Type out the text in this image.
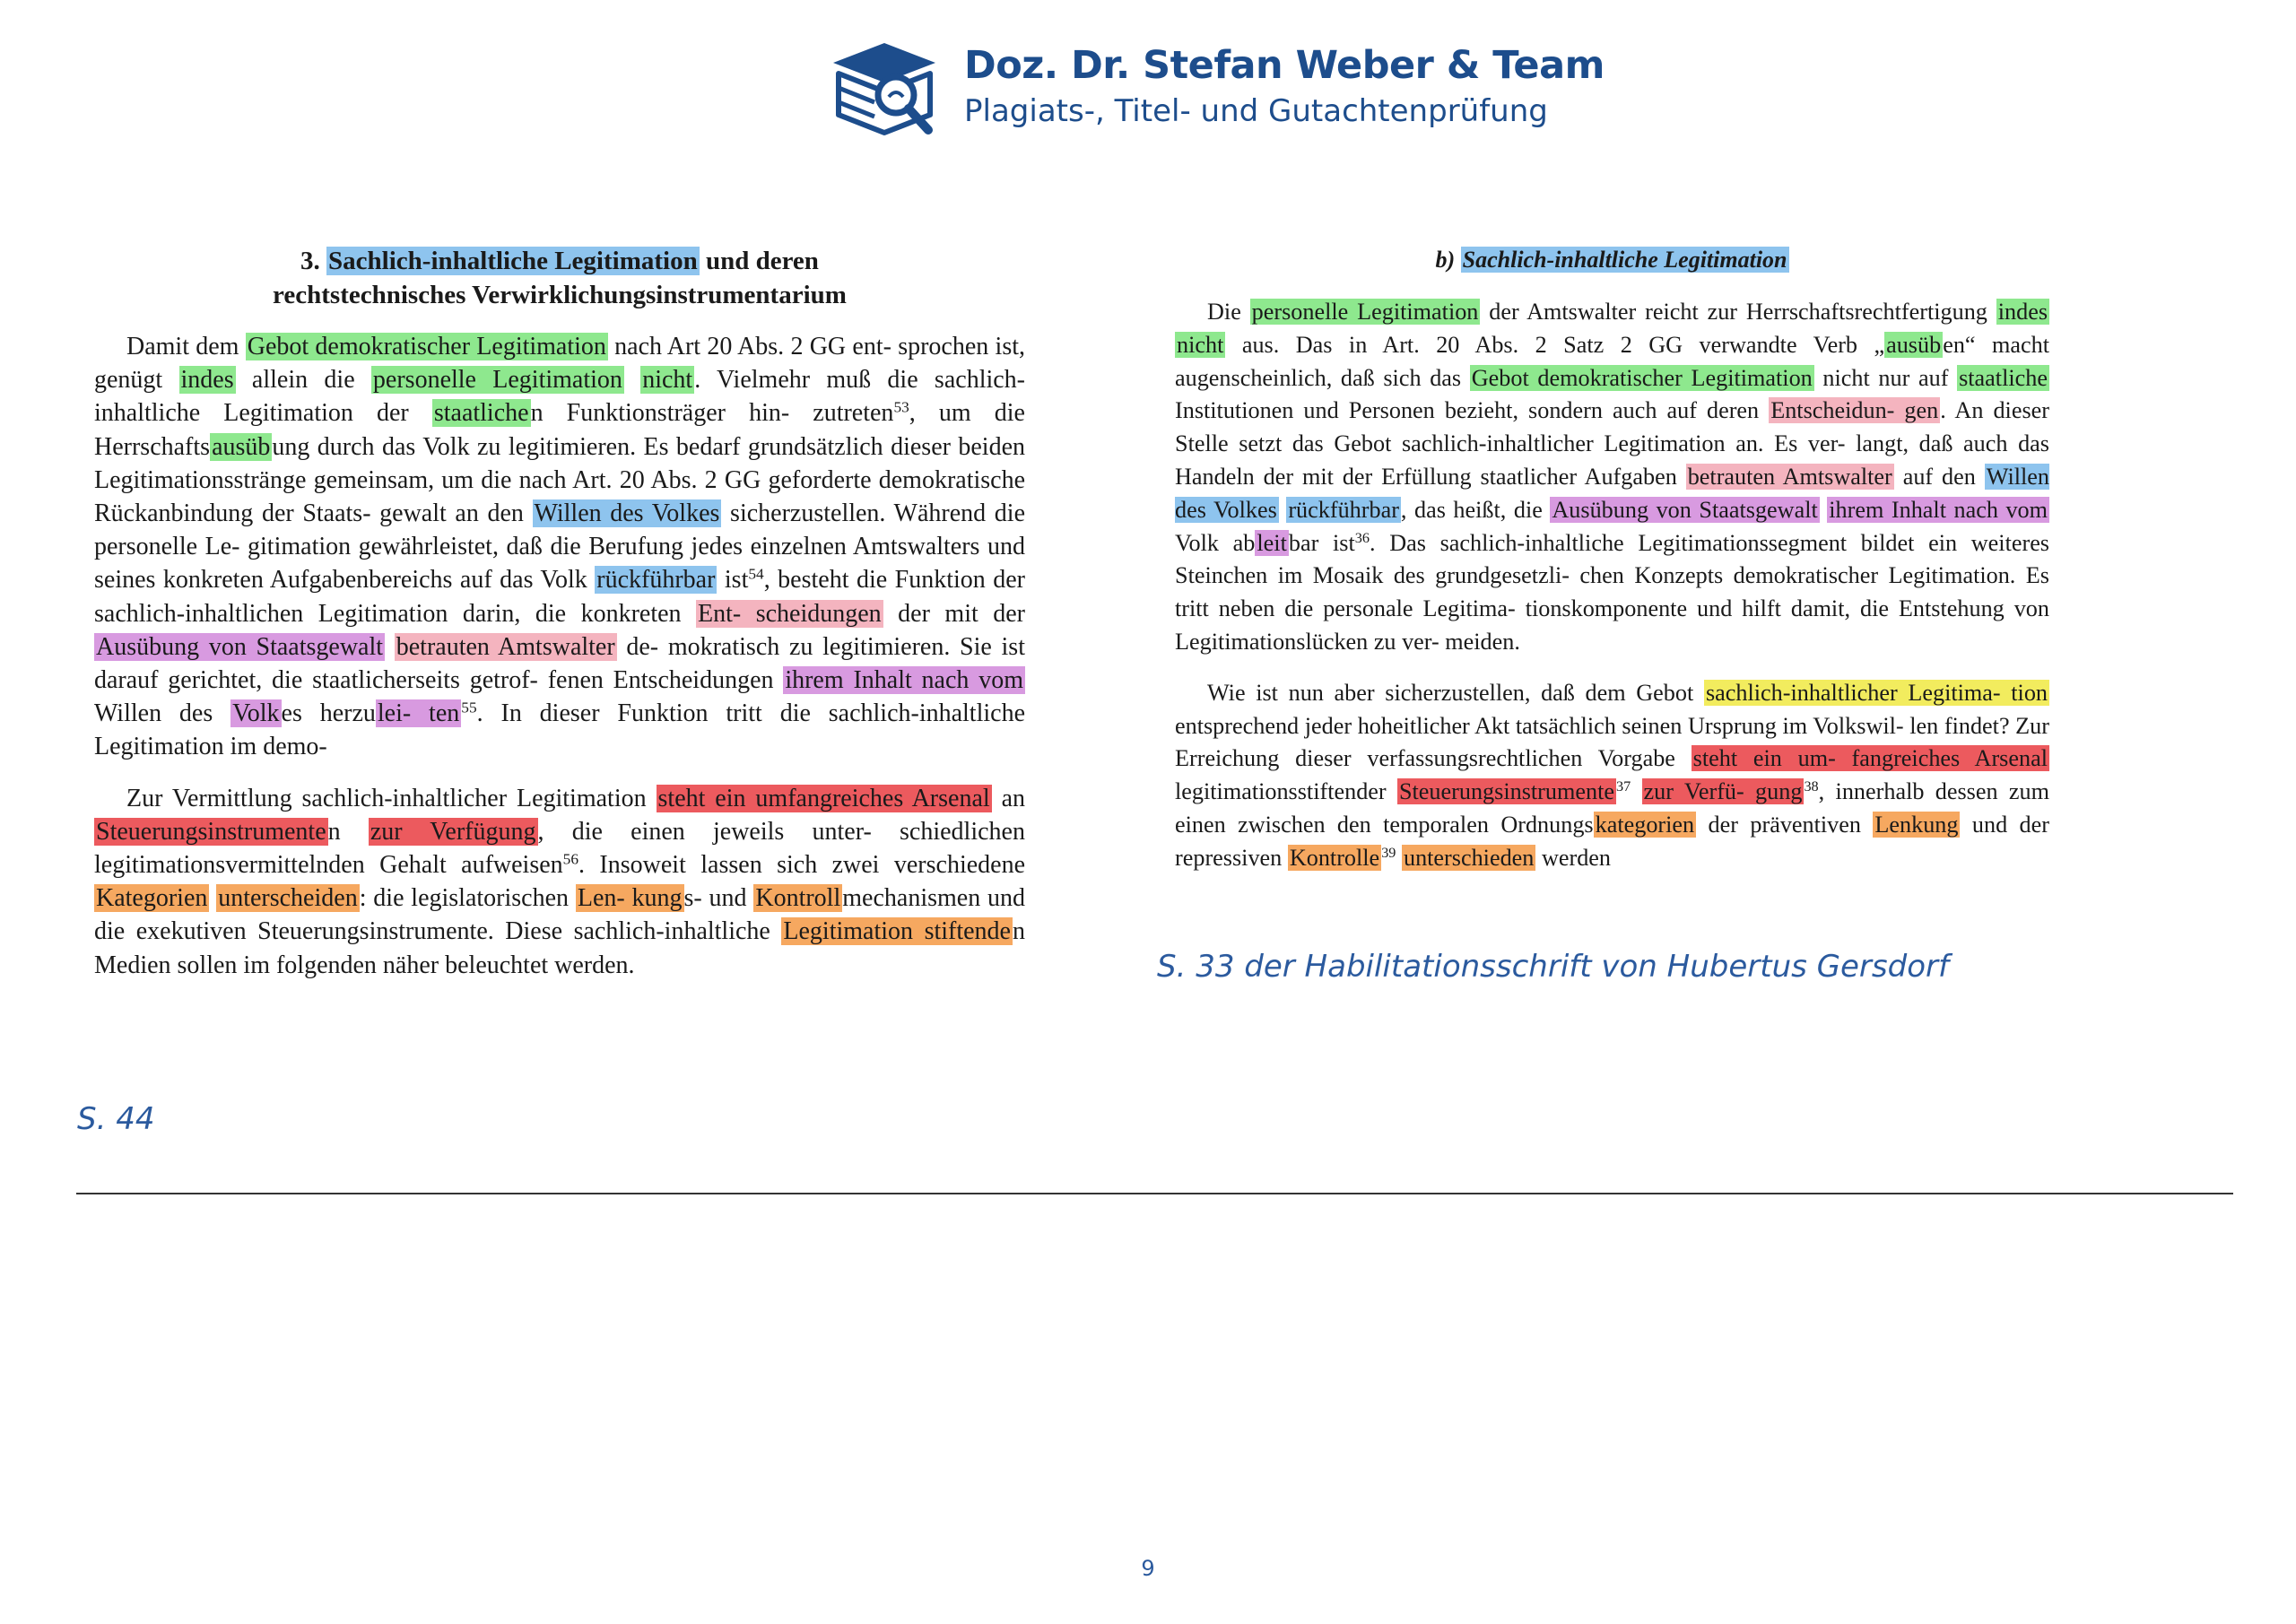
Doz. Dr. Stefan Weber & Team
Plagiats-, Titel- und Gutachtenprüfung

3. Sachlich-inhaltliche Legitimation und deren
rechtstechnisches Verwirklichungsinstrumentarium

Damit dem Gebot demokratischer Legitimation nach Art 20 Abs. 2 GG ent- sprochen ist, genügt indes allein die personelle Legitimation nicht. Vielmehr muß die sachlich-inhaltliche Legitimation der staatlichen Funktionsträger hin- zutreten$^{53}$, um die Herrschaftsausübung durch das Volk zu legitimieren. Es bedarf grundsätzlich dieser beiden Legitimationsstränge gemeinsam, um die nach Art. 20 Abs. 2 GG geforderte demokratische Rückanbindung der Staats- gewalt an den Willen des Volkes sicherzustellen. Während die personelle Le- gitimation gewährleistet, daß die Berufung jedes einzelnen Amtswalters und seines konkreten Aufgabenbereichs auf das Volk rückführbar ist$^{54}$, besteht die Funktion der sachlich-inhaltlichen Legitimation darin, die konkreten Ent- scheidungen der mit der Ausübung von Staatsgewalt betrauten Amtswalter de- mokratisch zu legitimieren. Sie ist darauf gerichtet, die staatlicherseits getrof- fenen Entscheidungen ihrem Inhalt nach vom Willen des Volkes herzulei- ten $^{55}$. In dieser Funktion tritt die sachlich-inhaltliche Legitimation im demo-

Zur Vermittlung sachlich-inhaltlicher Legitimation steht ein umfangreiches Arsenal an Steuerungsinstrumenten zur Verfügung, die einen jeweils unter- schiedlichen legitimationsvermittelnden Gehalt aufweisen$^{56}$. Insoweit lassen sich zwei verschiedene Kategorien unterscheiden: die legislatorischen Len- kungs- und Kontrollmechanismen und die exekutiven Steuerungsinstrumente. Diese sachlich-inhaltliche Legitimation stiftenden Medien sollen im folgenden näher beleuchtet werden.

b) Sachlich-inhaltliche Legitimation

Die personelle Legitimation der Amtswalter reicht zur Herrschaftsrechtfertigung indes nicht aus. Das in Art. 20 Abs. 2 Satz 2 GG verwandte Verb „ausüben“ macht augenscheinlich, daß sich das Gebot demokratischer Legitimation nicht nur auf staatliche Institutionen und Personen bezieht, sondern auch auf deren Entscheidun- gen. An dieser Stelle setzt das Gebot sachlich-inhaltlicher Legitimation an. Es ver- langt, daß auch das Handeln der mit der Erfüllung staatlicher Aufgaben betrauten Amtswalter auf den Willen des Volkes rückführbar, das heißt, die Ausübung von Staatsgewalt ihrem Inhalt nach vom Volk ableitbar ist$^{36}$. Das sachlich-inhaltliche Legitimationssegment bildet ein weiteres Steinchen im Mosaik des grundgesetzli- chen Konzepts demokratischer Legitimation. Es tritt neben die personale Legitima- tionskomponente und hilft damit, die Entstehung von Legitimationslücken zu ver- meiden.

Wie ist nun aber sicherzustellen, daß dem Gebot sachlich-inhaltlicher Legitima- tion entsprechend jeder hoheitlicher Akt tatsächlich seinen Ursprung im Volkswil- len findet? Zur Erreichung dieser verfassungsrechtlichen Vorgabe steht ein um- fangreiches Arsenal legitimationsstiftender Steuerungsinstrumente $^{37}$ zur Verfü- gung $^{38}$, innerhalb dessen zum einen zwischen den temporalen Ordnungskategorien der präventiven Lenkung und der repressiven Kontrolle $^{39}$ unterschieden werden

S. 44
S. 33 der Habilitationsschrift von Hubertus Gersdorf
9
